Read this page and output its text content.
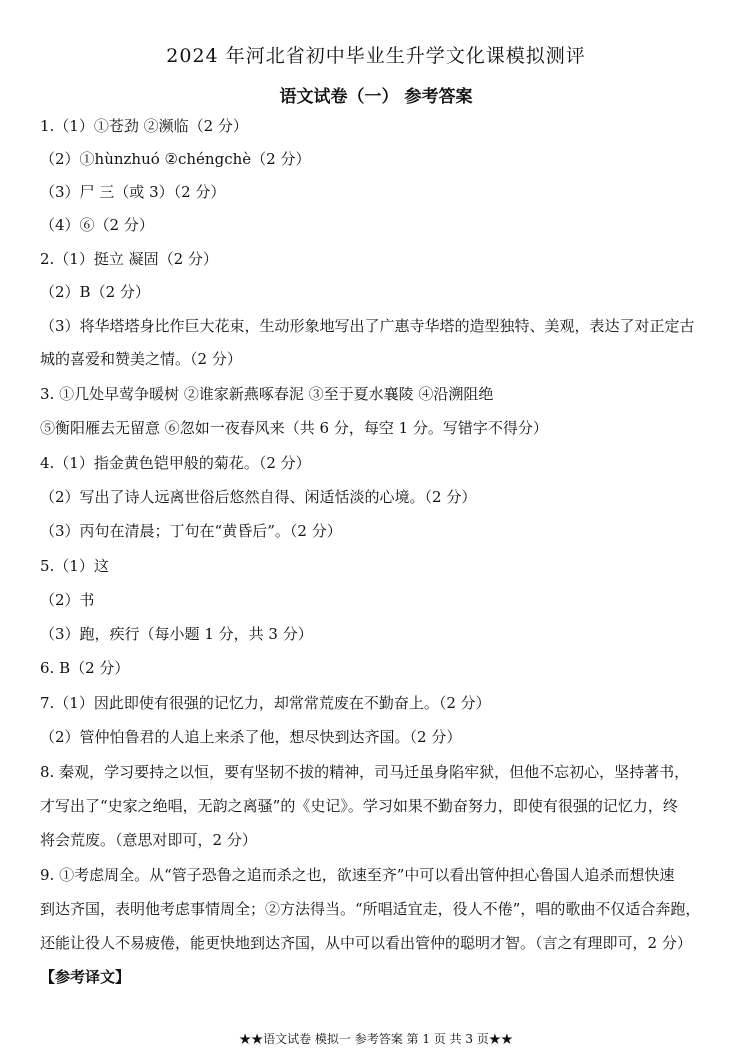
2024 年河北省初中毕业生升学文化课模拟测评
语文试卷（一） 参考答案
1.（1）①苍劲 ②濒临（2 分）
（2）①hùnzhuó ②chéngchè（2 分）
（3）尸 三（或 3）（2 分）
（4）⑥（2 分）
2.（1）挺立 凝固（2 分）
（2）B（2 分）
（3）将华塔塔身比作巨大花束，生动形象地写出了广惠寺华塔的造型独特、美观，表达了对正定古
城的喜爱和赞美之情。（2 分）
3. ①几处早莺争暖树 ②谁家新燕啄春泥 ③至于夏水襄陵 ④沿溯阻绝
⑤衡阳雁去无留意 ⑥忽如一夜春风来（共 6 分，每空 1 分。写错字不得分）
4.（1）指金黄色铠甲般的菊花。（2 分）
（2）写出了诗人远离世俗后悠然自得、闲适恬淡的心境。（2 分）
（3）丙句在清晨；丁句在“黄昏后”。（2 分）
5.（1）这
（2）书
（3）跑，疾行（每小题 1 分，共 3 分）
6. B（2 分）
7.（1）因此即使有很强的记忆力，却常常荒废在不勤奋上。（2 分）
（2）管仲怕鲁君的人追上来杀了他，想尽快到达齐国。（2 分）
8. 秦观，学习要持之以恒，要有坚韧不拔的精神，司马迁虽身陷牢狱，但他不忘初心，坚持著书，
才写出了“史家之绝唱，无韵之离骚”的《史记》。学习如果不勤奋努力，即使有很强的记忆力，终
将会荒废。（意思对即可，2 分）
9. ①考虑周全。从“管子恐鲁之追而杀之也，欲速至齐”中可以看出管仲担心鲁国人追杀而想快速
到达齐国，表明他考虑事情周全；②方法得当。“所唱适宜走，役人不倦”，唱的歌曲不仅适合奔跑，
还能让役人不易疲倦，能更快地到达齐国，从中可以看出管仲的聪明才智。（言之有理即可，2 分）
【参考译文】
★★语文试卷 模拟一 参考答案 第 1 页 共 3 页★★
